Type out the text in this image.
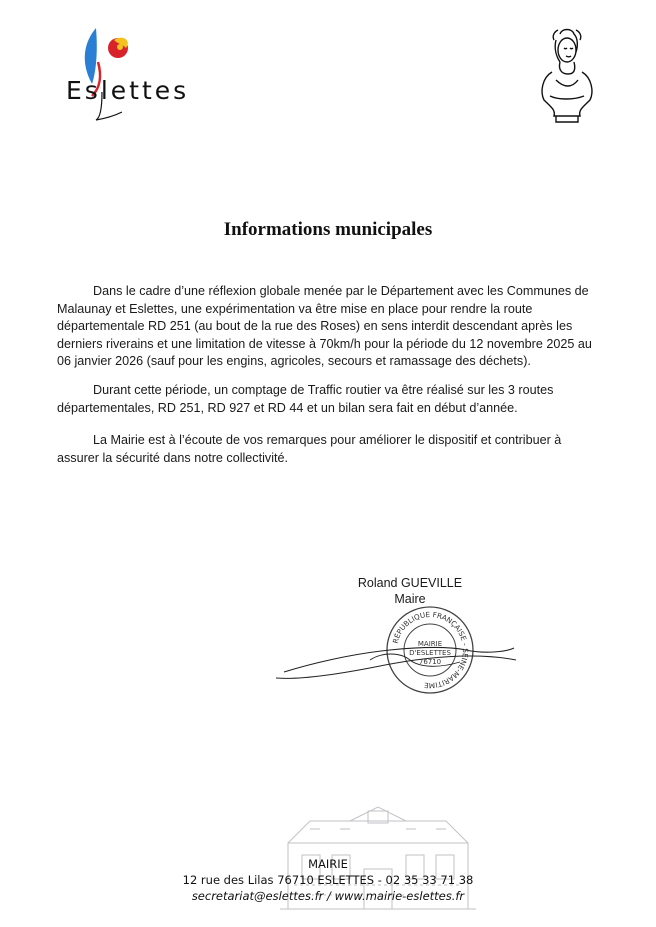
Eslettes
Informations municipales

Dans le cadre d’une réflexion globale menée par le Département avec les Communes de Malaunay et Eslettes, une expérimentation va être mise en place pour rendre la route départementale RD 251 (au bout de la rue des Roses) en sens interdit descendant après les derniers riverains et une limitation de vitesse à 70km/h pour la période du 12 novembre 2025 au 06 janvier 2026 (sauf pour les engins, agricoles, secours et ramassage des déchets).

Durant cette période, un comptage de Traffic routier va être réalisé sur les 3 routes départementales, RD 251, RD 927 et RD 44 et un bilan sera fait en début d’année.

La Mairie est à l’écoute de vos remarques pour améliorer le dispositif et contribuer à assurer la sécurité dans notre collectivité.

Roland GUEVILLE
Maire
RÉPUBLIQUE FRANÇAISE - SEINE-MARITIME
MAIRIE
D'ESLETTES
76710
MAIRIE
12 rue des Lilas 76710 ESLETTES - 02 35 33 71 38
secretariat@eslettes.fr / www.mairie-eslettes.fr
